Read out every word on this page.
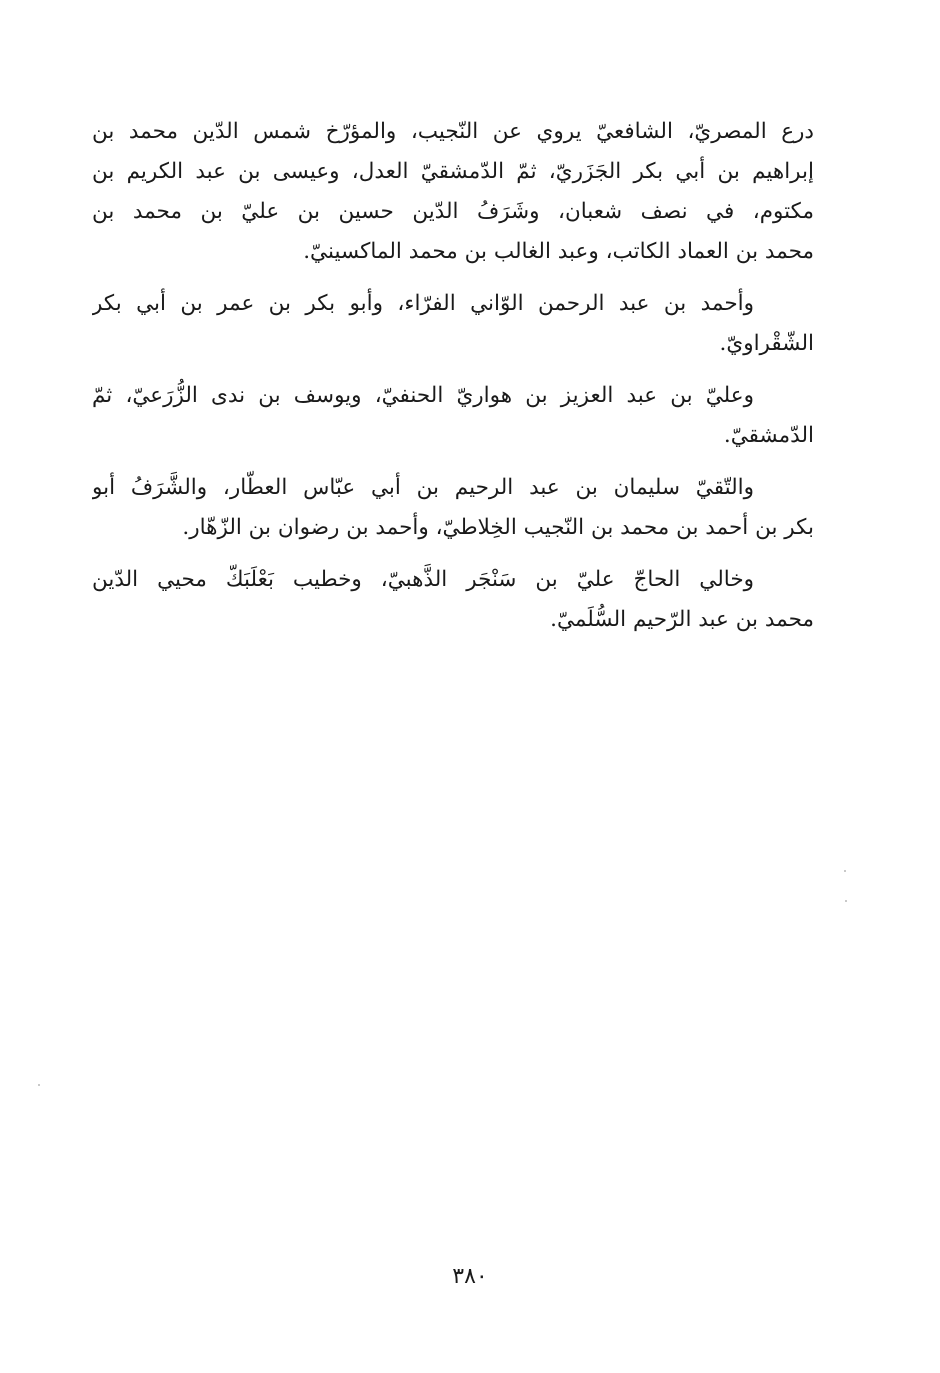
درع المصريّ، الشافعيّ يروي عن النّجيب، والمؤرّخ شمس الدّين محمد بن
إبراهيم بن أبي بكر الجَزَريّ، ثمّ الدّمشقيّ العدل، وعيسى بن عبد الكريم بن
مكتوم، في نصف شعبان، وشَرَفُ الدّين حسين بن عليّ بن محمد بن
محمد بن العماد الكاتب، وعبد الغالب بن محمد الماكسينيّ.
وأحمد بن عبد الرحمن الوّاني الفرّاء، وأبو بكر بن عمر بن أبي بكر
الشّقْراويّ.
وعليّ بن عبد العزيز بن هواريّ الحنفيّ، ويوسف بن ندى الزُّرَعيّ، ثمّ
الدّمشقيّ.
والتّقيّ سليمان بن عبد الرحيم بن أبي عبّاس العطّار، والشَّرَفُ أبو
بكر بن أحمد بن محمد بن النّجيب الخِلاطيّ، وأحمد بن رضوان بن الزّهّار.
وخالي الحاجّ عليّ بن سَنْجَر الذَّهبيّ، وخطيب بَعْلَبَكّ محيي الدّين
محمد بن عبد الرّحيم السُّلَميّ.
٣٨٠
